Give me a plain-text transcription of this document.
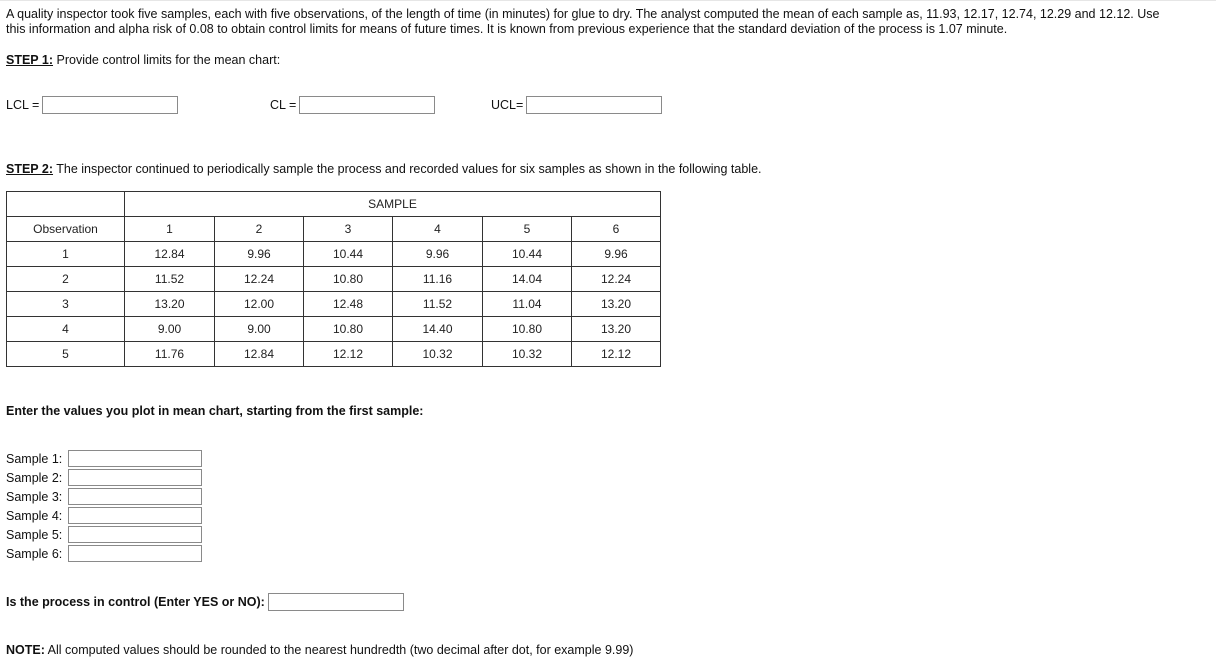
A quality inspector took five samples, each with five observations, of the length of time (in minutes) for glue to dry. The analyst computed the mean of each sample as, 11.93, 12.17, 12.74, 12.29 and 12.12. Use this information and alpha risk of 0.08 to obtain control limits for means of future times. It is known from previous experience that the standard deviation of the process is 1.07 minute.
STEP 1: Provide control limits for the mean chart:
LCL =	CL =	UCL=
STEP 2: The inspector continued to periodically sample the process and recorded values for six samples as shown in the following table.
	SAMPLE					
Observation	1	2	3	4	5	6
1	12.84	9.96	10.44	9.96	10.44	9.96
2	11.52	12.24	10.80	11.16	14.04	12.24
3	13.20	12.00	12.48	11.52	11.04	13.20
4	9.00	9.00	10.80	14.40	10.80	13.20
5	11.76	12.84	12.12	10.32	10.32	12.12
Enter the values you plot in mean chart, starting from the first sample:
Sample 1:
Sample 2:
Sample 3:
Sample 4:
Sample 5:
Sample 6:
Is the process in control (Enter YES or NO):
NOTE: All computed values should be rounded to the nearest hundredth (two decimal after dot, for example 9.99)
